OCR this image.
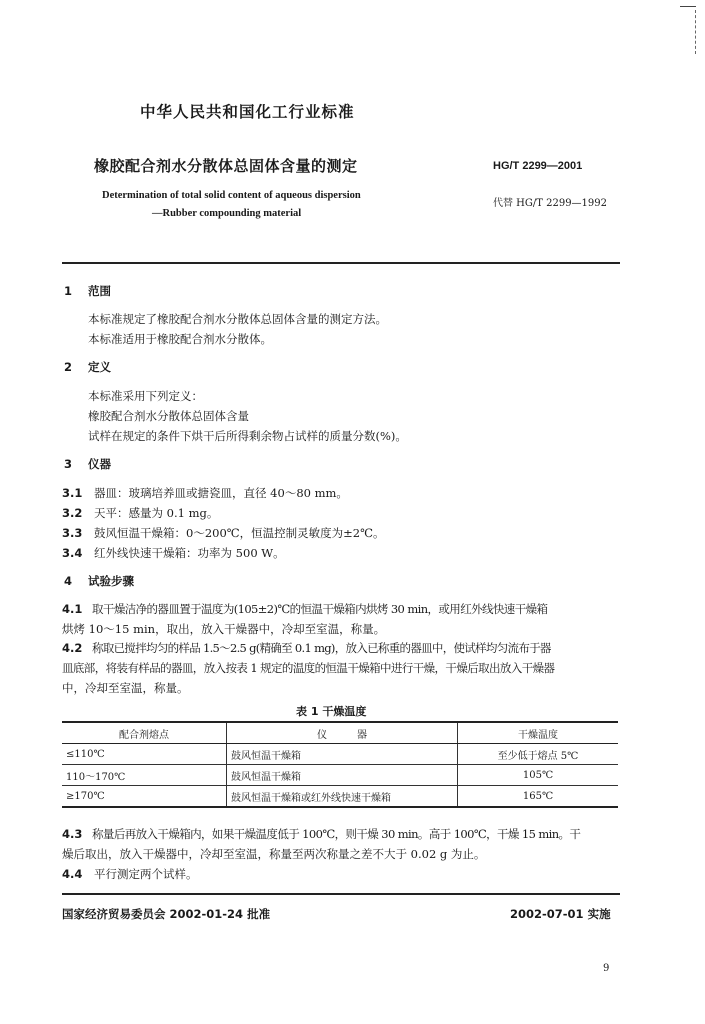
中华人民共和国化工行业标准
橡胶配合剂水分散体总固体含量的测定	HG/T 2299—2001
Determination of total solid content of aqueous dispersion
—Rubber compounding material
代替 HG/T 2299—1992
1 范围
本标准规定了橡胶配合剂水分散体总固体含量的测定方法。
本标准适用于橡胶配合剂水分散体。
2 定义
本标准采用下列定义：
橡胶配合剂水分散体总固体含量
试样在规定的条件下烘干后所得剩余物占试样的质量分数(%)。
3 仪器
3.1 器皿：玻璃培养皿或搪瓷皿，直径 40～80 mm。
3.2 天平：感量为 0.1 mg。
3.3 鼓风恒温干燥箱：0～200℃，恒温控制灵敏度为±2℃。
3.4 红外线快速干燥箱：功率为 500 W。
4 试验步骤
4.1 取干燥洁净的器皿置于温度为(105±2)℃的恒温干燥箱内烘烤 30 min，或用红外线快速干燥箱
烘烤 10～15 min，取出，放入干燥器中，冷却至室温，称量。
4.2 称取已搅拌均匀的样品 1.5～2.5 g(精确至 0.1 mg)，放入已称重的器皿中，使试样均匀流布于器
皿底部，将装有样品的器皿，放入按表 1 规定的温度的恒温干燥箱中进行干燥，干燥后取出放入干燥器
中，冷却至室温，称量。
表 1 干燥温度
配合剂熔点	仪　　　器	干燥温度
≤110℃	鼓风恒温干燥箱	至少低于熔点 5℃
110～170℃	鼓风恒温干燥箱	105℃
≥170℃	鼓风恒温干燥箱或红外线快速干燥箱	165℃
4.3 称量后再放入干燥箱内，如果干燥温度低于 100℃，则干燥 30 min。高于 100℃，干燥 15 min。干
燥后取出，放入干燥器中，冷却至室温，称量至两次称量之差不大于 0.02 g 为止。
4.4 平行测定两个试样。
国家经济贸易委员会 2002-01-24 批准	2002-07-01 实施
9
